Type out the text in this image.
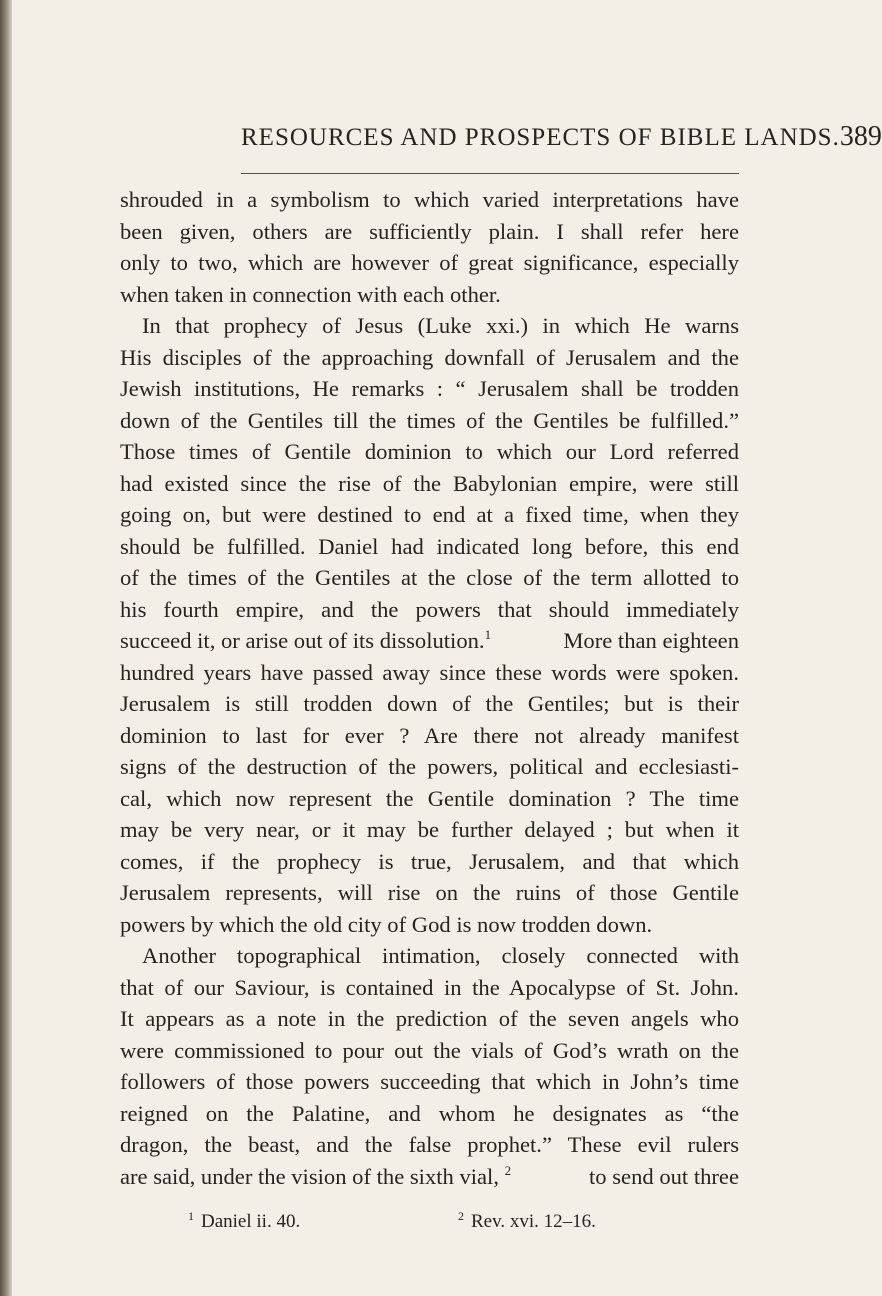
RESOURCES AND PROSPECTS OF BIBLE LANDS. 389
shrouded in a symbolism to which varied interpretations have
been given, others are sufficiently plain. I shall refer here
only to two, which are however of great significance, especially
when taken in connection with each other.
In that prophecy of Jesus (Luke xxi.) in which He warns
His disciples of the approaching downfall of Jerusalem and the
Jewish institutions, He remarks : “ Jerusalem shall be trodden
down of the Gentiles till the times of the Gentiles be fulfilled.”
Those times of Gentile dominion to which our Lord referred
had existed since the rise of the Babylonian empire, were still
going on, but were destined to end at a fixed time, when they
should be fulfilled. Daniel had indicated long before, this end
of the times of the Gentiles at the close of the term allotted to
his fourth empire, and the powers that should immediately
succeed it, or arise out of its dissolution.$^1$	More than eighteen
hundred years have passed away since these words were spoken.
Jerusalem is still trodden down of the Gentiles; but is their
dominion to last for ever ? Are there not already manifest
signs of the destruction of the powers, political and ecclesiasti-
cal, which now represent the Gentile domination ? The time
may be very near, or it may be further delayed ; but when it
comes, if the prophecy is true, Jerusalem, and that which
Jerusalem represents, will rise on the ruins of those Gentile
powers by which the old city of God is now trodden down.
Another topographical intimation, closely connected with
that of our Saviour, is contained in the Apocalypse of St. John.
It appears as a note in the prediction of the seven angels who
were commissioned to pour out the vials of God’s wrath on the
followers of those powers succeeding that which in John’s time
reigned on the Palatine, and whom he designates as “the
dragon, the beast, and the false prophet.” These evil rulers
are said, under the vision of the sixth vial, $^2$	to send out three
$^1$ Daniel ii. 40.	$^2$ Rev. xvi. 12–16.
